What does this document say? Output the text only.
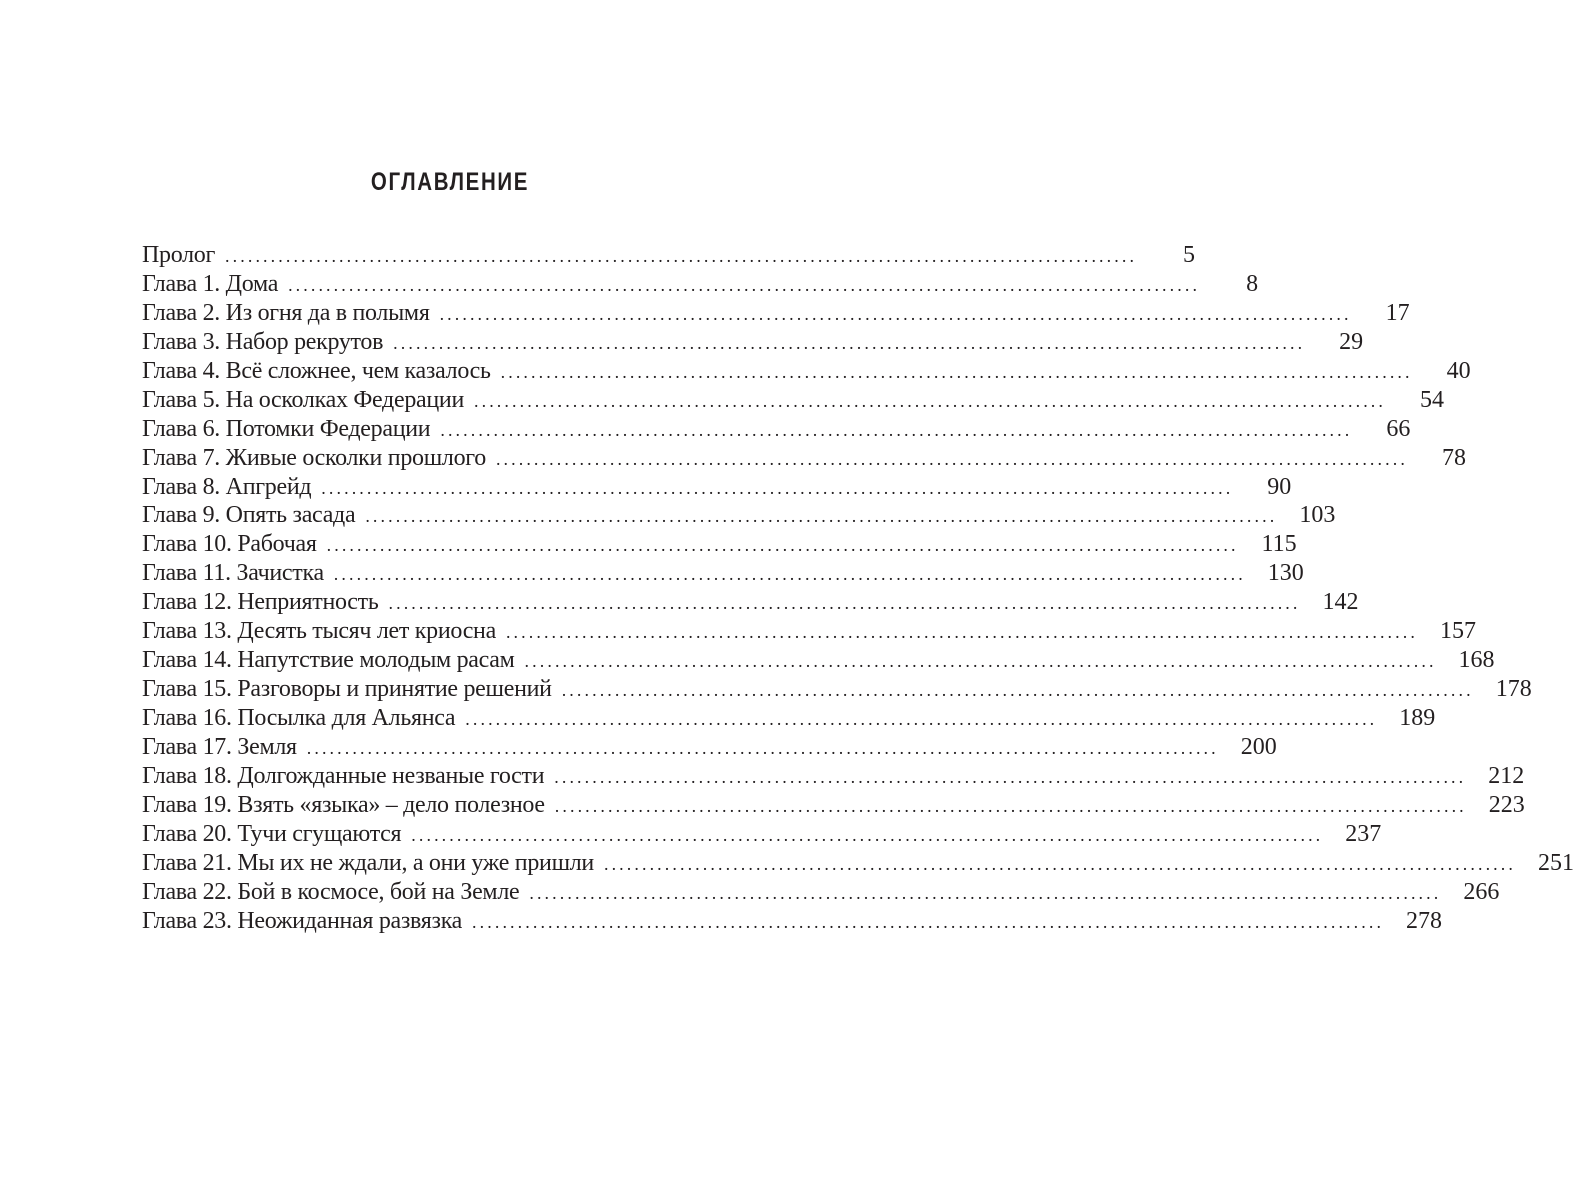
ОГЛАВЛЕНИЕ
Пролог ........................................................................................................................	5
Глава 1. Дома ........................................................................................................................	8
Глава 2. Из огня да в полымя ........................................................................................................................	17
Глава 3. Набор рекрутов ........................................................................................................................	29
Глава 4. Всё сложнее, чем казалось ........................................................................................................................	40
Глава 5. На осколках Федерации ........................................................................................................................	54
Глава 6. Потомки Федерации ........................................................................................................................	66
Глава 7. Живые осколки прошлого ........................................................................................................................	78
Глава 8. Апгрейд ........................................................................................................................	90
Глава 9. Опять засада ........................................................................................................................ 103
Глава 10. Рабочая ........................................................................................................................ 115
Глава 11. Зачистка ........................................................................................................................ 130
Глава 12. Неприятность ........................................................................................................................ 142
Глава 13. Десять тысяч лет криосна ........................................................................................................................ 157
Глава 14. Напутствие молодым расам ........................................................................................................................ 168
Глава 15. Разговоры и принятие решений ........................................................................................................................ 178
Глава 16. Посылка для Альянса ........................................................................................................................ 189
Глава 17. Земля ........................................................................................................................ 200
Глава 18. Долгожданные незваные гости ........................................................................................................................ 212
Глава 19. Взять «языка» – дело полезное ........................................................................................................................ 223
Глава 20. Тучи сгущаются ........................................................................................................................ 237
Глава 21. Мы их не ждали, а они уже пришли ........................................................................................................................ 251
Глава 22. Бой в космосе, бой на Земле ........................................................................................................................ 266
Глава 23. Неожиданная развязка ........................................................................................................................ 278
